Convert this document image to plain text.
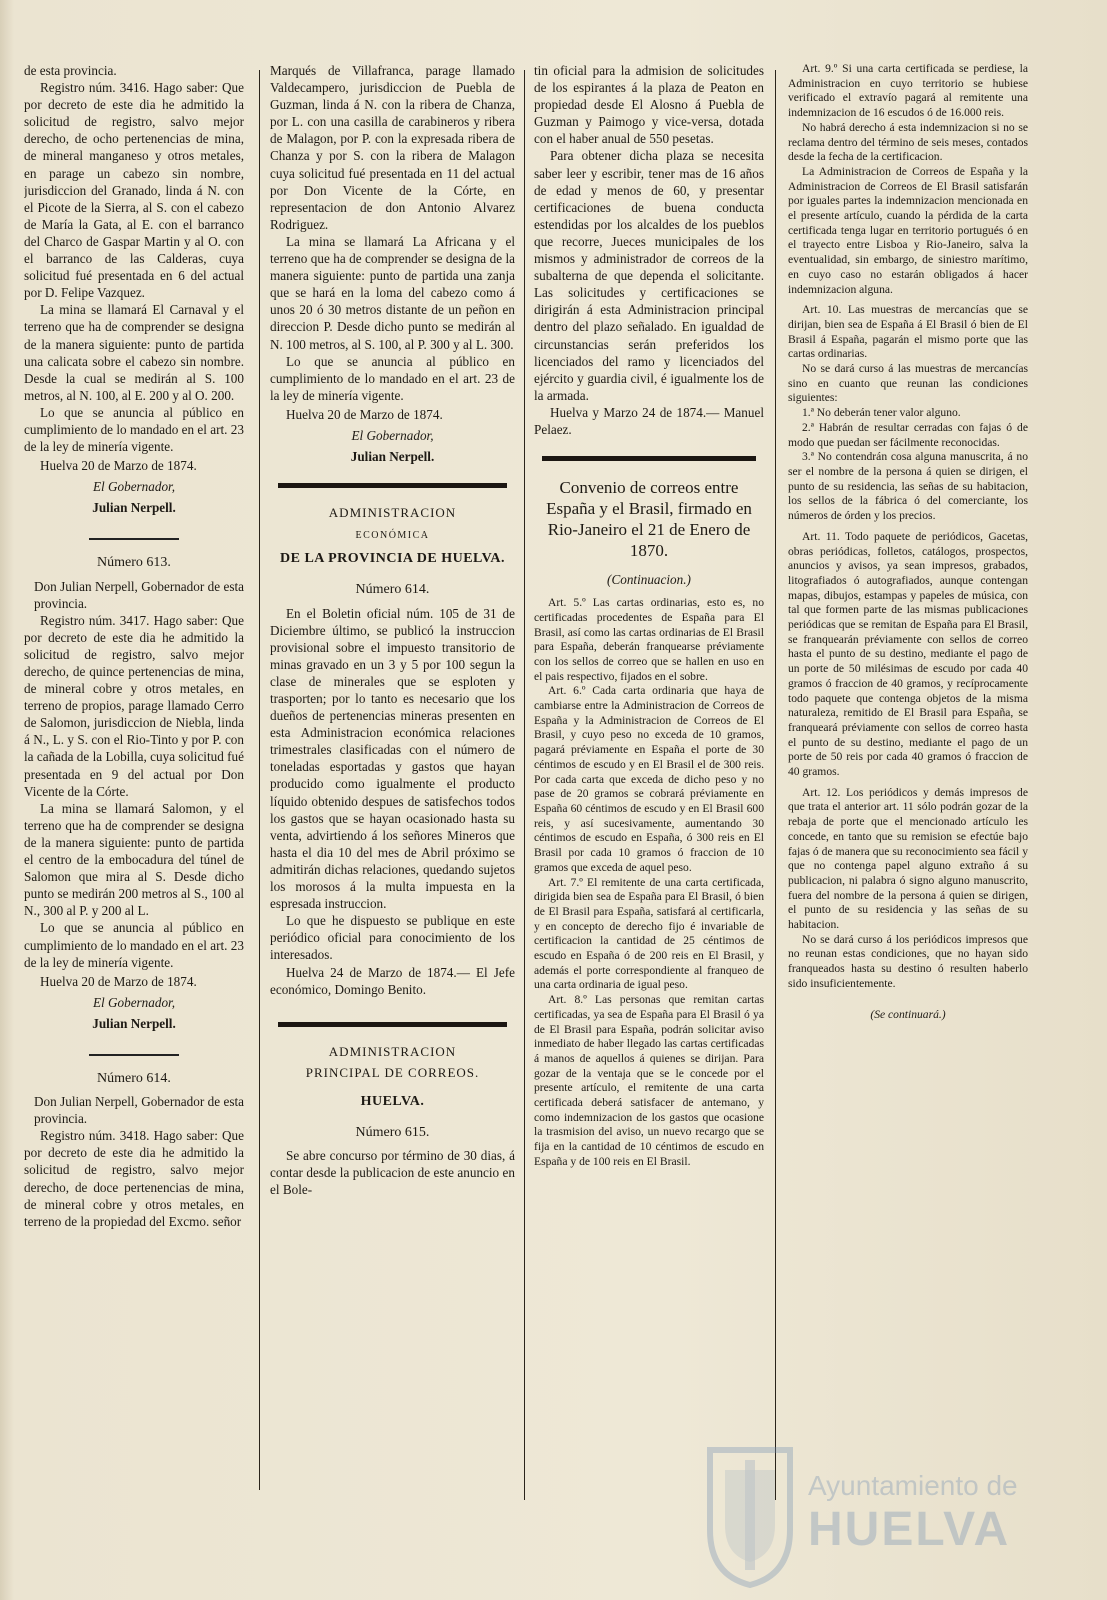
de esta provincia.

Registro núm. 3416. Hago saber: Que por decreto de este dia he admitido la solicitud de registro, salvo mejor derecho, de ocho pertenencias de mina, de mineral manganeso y otros metales, en parage un cabezo sin nombre, jurisdiccion del Granado, linda á N. con el Picote de la Sierra, al S. con el cabezo de María la Gata, al E. con el barranco del Charco de Gaspar Martin y al O. con el barranco de las Calderas, cuya solicitud fué presentada en 6 del actual por D. Felipe Vazquez.

La mina se llamará El Carnaval y el terreno que ha de comprender se designa de la manera siguiente: punto de partida una calicata sobre el cabezo sin nombre. Desde la cual se medirán al S. 100 metros, al N. 100, al E. 200 y al O. 200.

Lo que se anuncia al público en cumplimiento de lo mandado en el art. 23 de la ley de minería vigente.

Huelva 20 de Marzo de 1874.

El Gobernador,
Julian Nerpell.
Número 613.

Don Julian Nerpell, Gobernador de esta provincia.

Registro núm. 3417. Hago saber: Que por decreto de este dia he admitido la solicitud de registro, salvo mejor derecho, de quince pertenencias de mina, de mineral cobre y otros metales, en terreno de propios, parage llamado Cerro de Salomon, jurisdiccion de Niebla, linda á N., L. y S. con el Rio-Tinto y por P. con la cañada de la Lobilla, cuya solicitud fué presentada en 9 del actual por Don Vicente de la Córte.

La mina se llamará Salomon, y el terreno que ha de comprender se designa de la manera siguiente: punto de partida el centro de la embocadura del túnel de Salomon que mira al S. Desde dicho punto se medirán 200 metros al S., 100 al N., 300 al P. y 200 al L.

Lo que se anuncia al público en cumplimiento de lo mandado en el art. 23 de la ley de minería vigente.

Huelva 20 de Marzo de 1874.

El Gobernador,
Julian Nerpell.
Número 614.

Don Julian Nerpell, Gobernador de esta provincia.

Registro núm. 3418. Hago saber: Que por decreto de este dia he admitido la solicitud de registro, salvo mejor derecho, de doce pertenencias de mina, de mineral cobre y otros metales, en terreno de la propiedad del Excmo. señor

Marqués de Villafranca, parage llamado Valdecampero, jurisdiccion de Puebla de Guzman, linda á N. con la ribera de Chanza, por L. con una casilla de carabineros y ribera de Malagon, por P. con la expresada ribera de Chanza y por S. con la ribera de Malagon cuya solicitud fué presentada en 11 del actual por Don Vicente de la Córte, en representacion de don Antonio Alvarez Rodriguez.

La mina se llamará La Africana y el terreno que ha de comprender se designa de la manera siguiente: punto de partida una zanja que se hará en la loma del cabezo como á unos 20 ó 30 metros distante de un peñon en direccion P. Desde dicho punto se medirán al N. 100 metros, al S. 100, al P. 300 y al L. 300.

Lo que se anuncia al público en cumplimiento de lo mandado en el art. 23 de la ley de minería vigente.

Huelva 20 de Marzo de 1874.

El Gobernador,
Julian Nerpell.
ADMINISTRACION
ECONÓMICA
DE LA PROVINCIA DE HUELVA.
Número 614.

En el Boletin oficial núm. 105 de 31 de Diciembre último, se publicó la instruccion provisional sobre el impuesto transitorio de minas gravado en un 3 y 5 por 100 segun la clase de minerales que se esploten y trasporten; por lo tanto es necesario que los dueños de pertenencias mineras presenten en esta Administracion económica relaciones trimestrales clasificadas con el número de toneladas esportadas y gastos que hayan producido como igualmente el producto líquido obtenido despues de satisfechos todos los gastos que se hayan ocasionado hasta su venta, advirtiendo á los señores Mineros que hasta el dia 10 del mes de Abril próximo se admitirán dichas relaciones, quedando sujetos los morosos á la multa impuesta en la espresada instruccion.

Lo que he dispuesto se publique en este periódico oficial para conocimiento de los interesados.

Huelva 24 de Marzo de 1874.— El Jefe económico, Domingo Benito.

ADMINISTRACION
PRINCIPAL DE CORREOS.
HUELVA.
Número 615.

Se abre concurso por término de 30 dias, á contar desde la publicacion de este anuncio en el Bole-

tin oficial para la admision de solicitudes de los espirantes á la plaza de Peaton en propiedad desde El Alosno á Puebla de Guzman y Paimogo y vice-versa, dotada con el haber anual de 550 pesetas.

Para obtener dicha plaza se necesita saber leer y escribir, tener mas de 16 años de edad y menos de 60, y presentar certificaciones de buena conducta estendidas por los alcaldes de los pueblos que recorre, Jueces municipales de los mismos y administrador de correos de la subalterna de que dependa el solicitante. Las solicitudes y certificaciones se dirigirán á esta Administracion principal dentro del plazo señalado. En igualdad de circunstancias serán preferidos los licenciados del ramo y licenciados del ejército y guardia civil, é igualmente los de la armada.

Huelva y Marzo 24 de 1874.— Manuel Pelaez.

Convenio de correos entre España y el Brasil, firmado en Rio-Janeiro el 21 de Enero de 1870.
(Continuacion.)

Art. 5.º Las cartas ordinarias, esto es, no certificadas procedentes de España para El Brasil, así como las cartas ordinarias de El Brasil para España, deberán franquearse préviamente con los sellos de correo que se hallen en uso en el pais respectivo, fijados en el sobre.

Art. 6.º Cada carta ordinaria que haya de cambiarse entre la Administracion de Correos de España y la Administracion de Correos de El Brasil, y cuyo peso no exceda de 10 gramos, pagará préviamente en España el porte de 30 céntimos de escudo y en El Brasil el de 300 reis. Por cada carta que exceda de dicho peso y no pase de 20 gramos se cobrará préviamente en España 60 céntimos de escudo y en El Brasil 600 reis, y así sucesivamente, aumentando 30 céntimos de escudo en España, ó 300 reis en El Brasil por cada 10 gramos ó fraccion de 10 gramos que exceda de aquel peso.

Art. 7.º El remitente de una carta certificada, dirigida bien sea de España para El Brasil, ó bien de El Brasil para España, satisfará al certificarla, y en concepto de derecho fijo é invariable de certificacion la cantidad de 25 céntimos de escudo en España ó de 200 reis en El Brasil, y además el porte correspondiente al franqueo de una carta ordinaria de igual peso.

Art. 8.º Las personas que remitan cartas certificadas, ya sea de España para El Brasil ó ya de El Brasil para España, podrán solicitar aviso inmediato de haber llegado las cartas certificadas á manos de aquellos á quienes se dirijan. Para gozar de la ventaja que se le concede por el presente artículo, el remitente de una carta certificada deberá satisfacer de antemano, y como indemnizacion de los gastos que ocasione la trasmision del aviso, un nuevo recargo que se fija en la cantidad de 10 céntimos de escudo en España y de 100 reis en El Brasil.

Art. 9.º Si una carta certificada se perdiese, la Administracion en cuyo territorio se hubiese verificado el extravío pagará al remitente una indemnizacion de 16 escudos ó de 16.000 reis.

No habrá derecho á esta indemnizacion si no se reclama dentro del término de seis meses, contados desde la fecha de la certificacion.

La Administracion de Correos de España y la Administracion de Correos de El Brasil satisfarán por iguales partes la indemnizacion mencionada en el presente artículo, cuando la pérdida de la carta certificada tenga lugar en territorio portugués ó en el trayecto entre Lisboa y Rio-Janeiro, salva la eventualidad, sin embargo, de siniestro marítimo, en cuyo caso no estarán obligados á hacer indemnizacion alguna.

Art. 10. Las muestras de mercancías que se dirijan, bien sea de España á El Brasil ó bien de El Brasil á España, pagarán el mismo porte que las cartas ordinarias.

No se dará curso á las muestras de mercancías sino en cuanto que reunan las condiciones siguientes:

1.ª No deberán tener valor alguno.

2.ª Habrán de resultar cerradas con fajas ó de modo que puedan ser fácilmente reconocidas.

3.ª No contendrán cosa alguna manuscrita, á no ser el nombre de la persona á quien se dirigen, el punto de su residencia, las señas de su habitacion, los sellos de la fábrica ó del comerciante, los números de órden y los precios.

Art. 11. Todo paquete de periódicos, Gacetas, obras periódicas, folletos, catálogos, prospectos, anuncios y avisos, ya sean impresos, grabados, litografiados ó autografiados, aunque contengan mapas, dibujos, estampas y papeles de música, con tal que formen parte de las mismas publicaciones periódicas que se remitan de España para El Brasil, se franquearán préviamente con sellos de correo hasta el punto de su destino, mediante el pago de un porte de 50 milésimas de escudo por cada 40 gramos ó fraccion de 40 gramos, y recíprocamente todo paquete que contenga objetos de la misma naturaleza, remitido de El Brasil para España, se franqueará préviamente con sellos de correo hasta el punto de su destino, mediante el pago de un porte de 50 reis por cada 40 gramos ó fraccion de 40 gramos.

Art. 12. Los periódicos y demás impresos de que trata el anterior art. 11 sólo podrán gozar de la rebaja de porte que el mencionado artículo les concede, en tanto que su remision se efectúe bajo fajas ó de manera que su reconocimiento sea fácil y que no contenga papel alguno extraño á su publicacion, ni palabra ó signo alguno manuscrito, fuera del nombre de la persona á quien se dirigen, el punto de su residencia y las señas de su habitacion.

No se dará curso á los periódicos impresos que no reunan estas condiciones, que no hayan sido franqueados hasta su destino ó resulten haberlo sido insuficientemente.

(Se continuará.)
Ayuntamiento de
HUELVA
